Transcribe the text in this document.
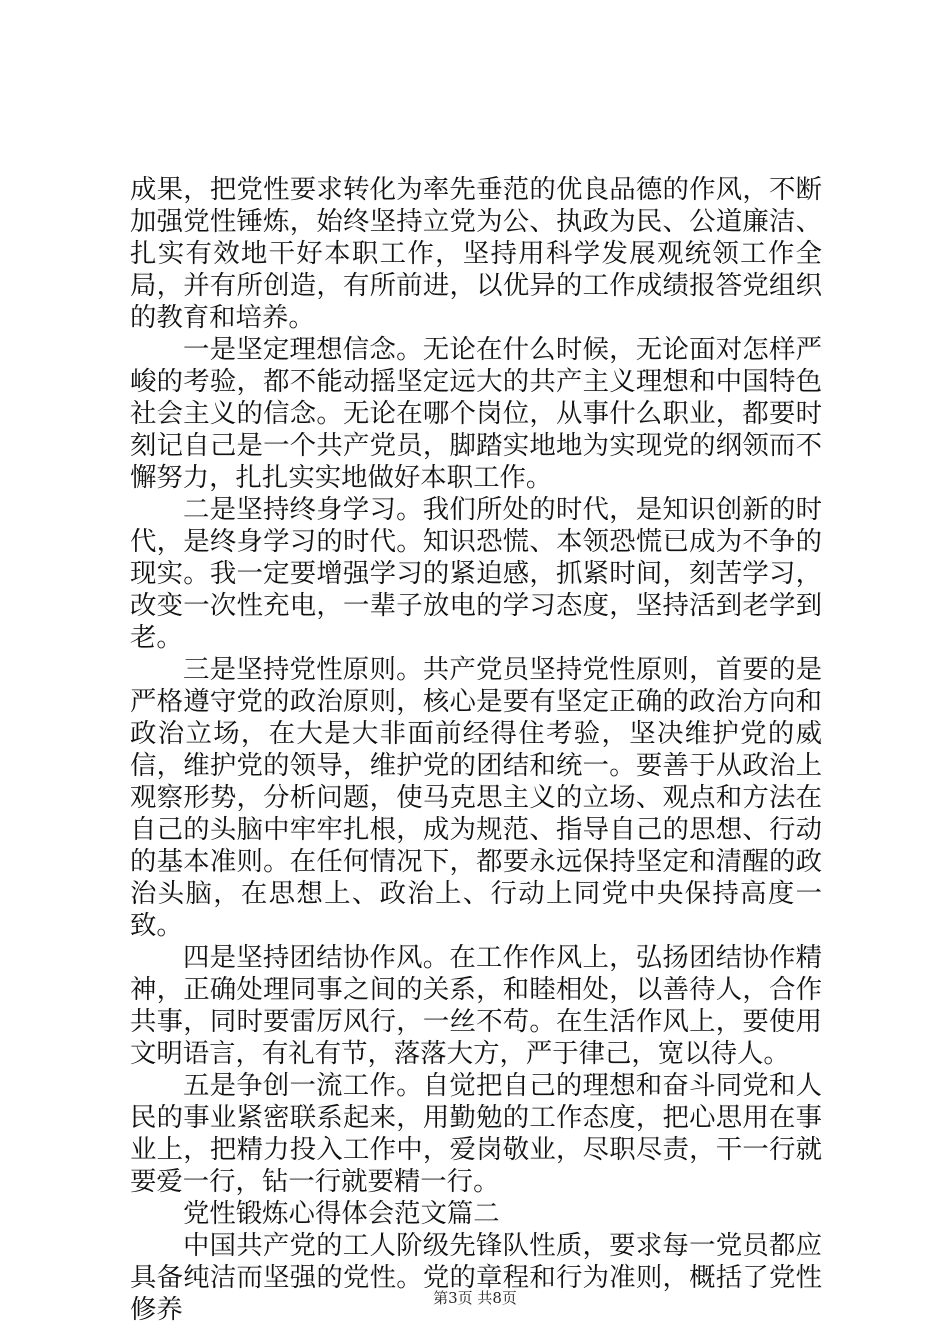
成果，把党性要求转化为率先垂范的优良品德的作风，不断加强党性锤炼，始终坚持立党为公、执政为民、公道廉洁、扎实有效地干好本职工作，坚持用科学发展观统领工作全局，并有所创造，有所前进，以优异的工作成绩报答党组织的教育和培养。

一是坚定理想信念。无论在什么时候，无论面对怎样严峻的考验，都不能动摇坚定远大的共产主义理想和中国特色社会主义的信念。无论在哪个岗位，从事什么职业，都要时刻记自己是一个共产党员，脚踏实地地为实现党的纲领而不懈努力，扎扎实实地做好本职工作。

二是坚持终身学习。我们所处的时代，是知识创新的时代，是终身学习的时代。知识恐慌、本领恐慌已成为不争的现实。我一定要增强学习的紧迫感，抓紧时间，刻苦学习，改变一次性充电，一辈子放电的学习态度，坚持活到老学到老。

三是坚持党性原则。共产党员坚持党性原则，首要的是严格遵守党的政治原则，核心是要有坚定正确的政治方向和政治立场，在大是大非面前经得住考验，坚决维护党的威信，维护党的领导，维护党的团结和统一。要善于从政治上观察形势，分析问题，使马克思主义的立场、观点和方法在自己的头脑中牢牢扎根，成为规范、指导自己的思想、行动的基本准则。在任何情况下，都要永远保持坚定和清醒的政治头脑，在思想上、政治上、行动上同党中央保持高度一致。

四是坚持团结协作风。在工作作风上，弘扬团结协作精神，正确处理同事之间的关系，和睦相处，以善待人，合作共事，同时要雷厉风行，一丝不苟。在生活作风上，要使用文明语言，有礼有节，落落大方，严于律己，宽以待人。

五是争创一流工作。自觉把自己的理想和奋斗同党和人民的事业紧密联系起来，用勤勉的工作态度，把心思用在事业上，把精力投入工作中，爱岗敬业，尽职尽责，干一行就要爱一行，钻一行就要精一行。

党性锻炼心得体会范文篇二

中国共产党的工人阶级先锋队性质，要求每一党员都应具备纯洁而坚强的党性。党的章程和行为准则，概括了党性修养	第3页 共8页
